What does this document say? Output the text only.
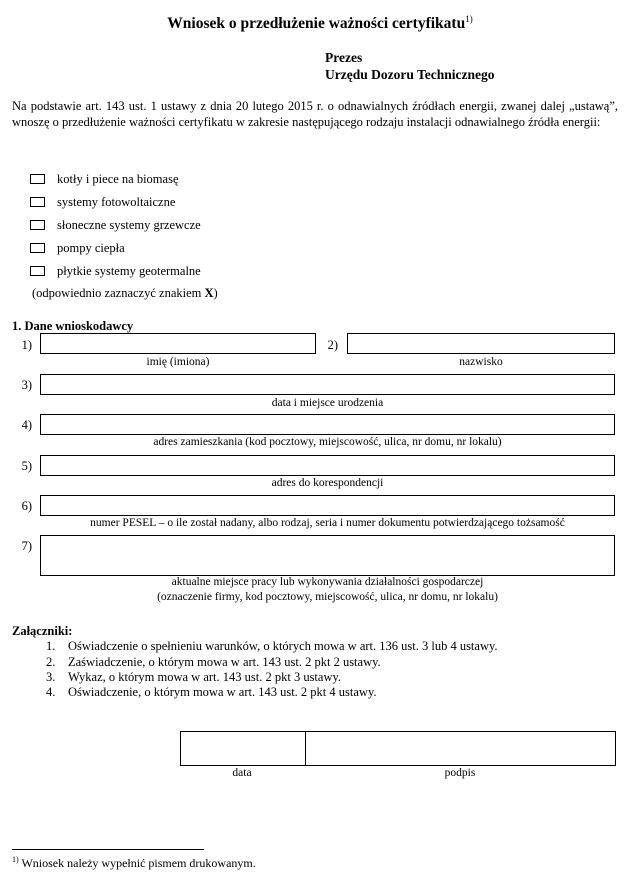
Wniosek o przedłużenie ważności certyfikatu$^{1)}$
Prezes
Urzędu Dozoru Technicznego
Na podstawie art. 143 ust. 1 ustawy z dnia 20 lutego 2015 r. o odnawialnych źródłach energii, zwanej dalej „ustawą”, wnoszę o przedłużenie ważności certyfikatu w zakresie następującego rodzaju instalacji odnawialnego źródła energii:
kotły i piece na biomasę
systemy fotowoltaiczne
słoneczne systemy grzewcze
pompy ciepła
płytkie systemy geotermalne
(odpowiednio zaznaczyć znakiem X)
1. Dane wnioskodawcy
1)
imię (imiona)
2)
nazwisko
3)
data i miejsce urodzenia
4)
adres zamieszkania (kod pocztowy, miejscowość, ulica, nr domu, nr lokalu)
5)
adres do korespondencji
6)
numer PESEL – o ile został nadany, albo rodzaj, seria i numer dokumentu potwierdzającego tożsamość
7)
aktualne miejsce pracy lub wykonywania działalności gospodarczej
(oznaczenie firmy, kod pocztowy, miejscowość, ulica, nr domu, nr lokalu)
Załączniki:
1.	Oświadczenie o spełnieniu warunków, o których mowa w art. 136 ust. 3 lub 4 ustawy.
2.	Zaświadczenie, o którym mowa w art. 143 ust. 2 pkt 2 ustawy.
3.	Wykaz, o którym mowa w art. 143 ust. 2 pkt 3 ustawy.
4.	Oświadczenie, o którym mowa w art. 143 ust. 2 pkt 4 ustawy.
data	podpis
$^{1)}$ Wniosek należy wypełnić pismem drukowanym.
